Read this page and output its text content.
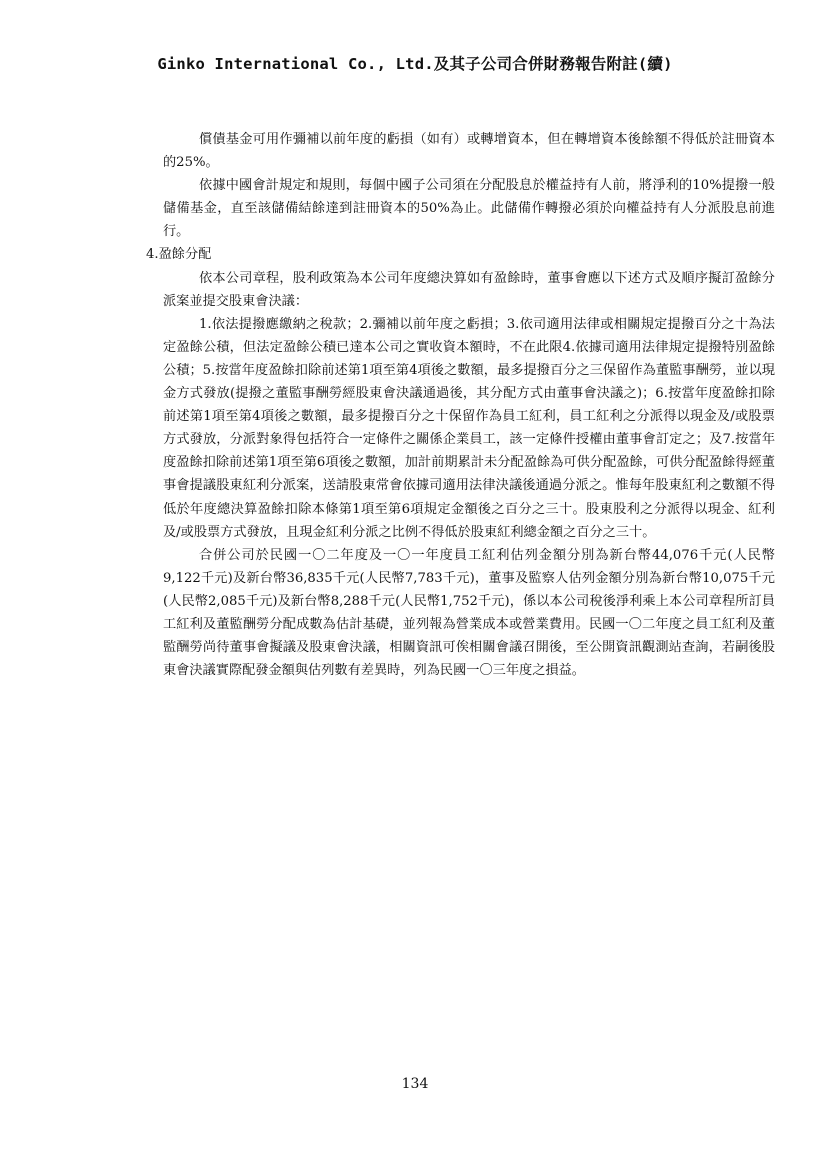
Ginko International Co., Ltd.及其子公司合併財務報告附註(續)

償債基金可用作彌補以前年度的虧損（如有）或轉增資本，但在轉增資本後餘額不得低於註冊資本的25%。

依據中國會計規定和規則，每個中國子公司須在分配股息於權益持有人前，將淨利的10%提撥一般儲備基金，直至該儲備結餘達到註冊資本的50%為止。此儲備作轉撥必須於向權益持有人分派股息前進行。

4.盈餘分配

依本公司章程，股利政策為本公司年度總決算如有盈餘時，董事會應以下述方式及順序擬訂盈餘分派案並提交股東會決議：

1.依法提撥應繳納之稅款；2.彌補以前年度之虧損；3.依司適用法律或相關規定提撥百分之十為法定盈餘公積，但法定盈餘公積已達本公司之實收資本額時，不在此限4.依據司適用法律規定提撥特別盈餘公積；5.按當年度盈餘扣除前述第1項至第4項後之數額，最多提撥百分之三保留作為董監事酬勞，並以現金方式發放(提撥之董監事酬勞經股東會決議通過後，其分配方式由董事會決議之)；6.按當年度盈餘扣除前述第1項至第4項後之數額，最多提撥百分之十保留作為員工紅利，員工紅利之分派得以現金及/或股票方式發放，分派對象得包括符合一定條件之關係企業員工，該一定條件授權由董事會訂定之；及7.按當年度盈餘扣除前述第1項至第6項後之數額，加計前期累計未分配盈餘為可供分配盈餘，可供分配盈餘得經董事會提議股東紅利分派案，送請股東常會依據司適用法律決議後通過分派之。惟每年股東紅利之數額不得低於年度總決算盈餘扣除本條第1項至第6項規定金額後之百分之三十。股東股利之分派得以現金、紅利及/或股票方式發放，且現金紅利分派之比例不得低於股東紅利總金額之百分之三十。

合併公司於民國一〇二年度及一〇一年度員工紅利估列金額分別為新台幣44,076千元(人民幣9,122千元)及新台幣36,835千元(人民幣7,783千元)，董事及監察人估列金額分別為新台幣10,075千元(人民幣2,085千元)及新台幣8,288千元(人民幣1,752千元)，係以本公司稅後淨利乘上本公司章程所訂員工紅利及董監酬勞分配成數為估計基礎，並列報為營業成本或營業費用。民國一〇二年度之員工紅利及董監酬勞尚待董事會擬議及股東會決議，相關資訊可俟相關會議召開後，至公開資訊觀測站查詢，若嗣後股東會決議實際配發金額與估列數有差異時，列為民國一〇三年度之損益。

134
